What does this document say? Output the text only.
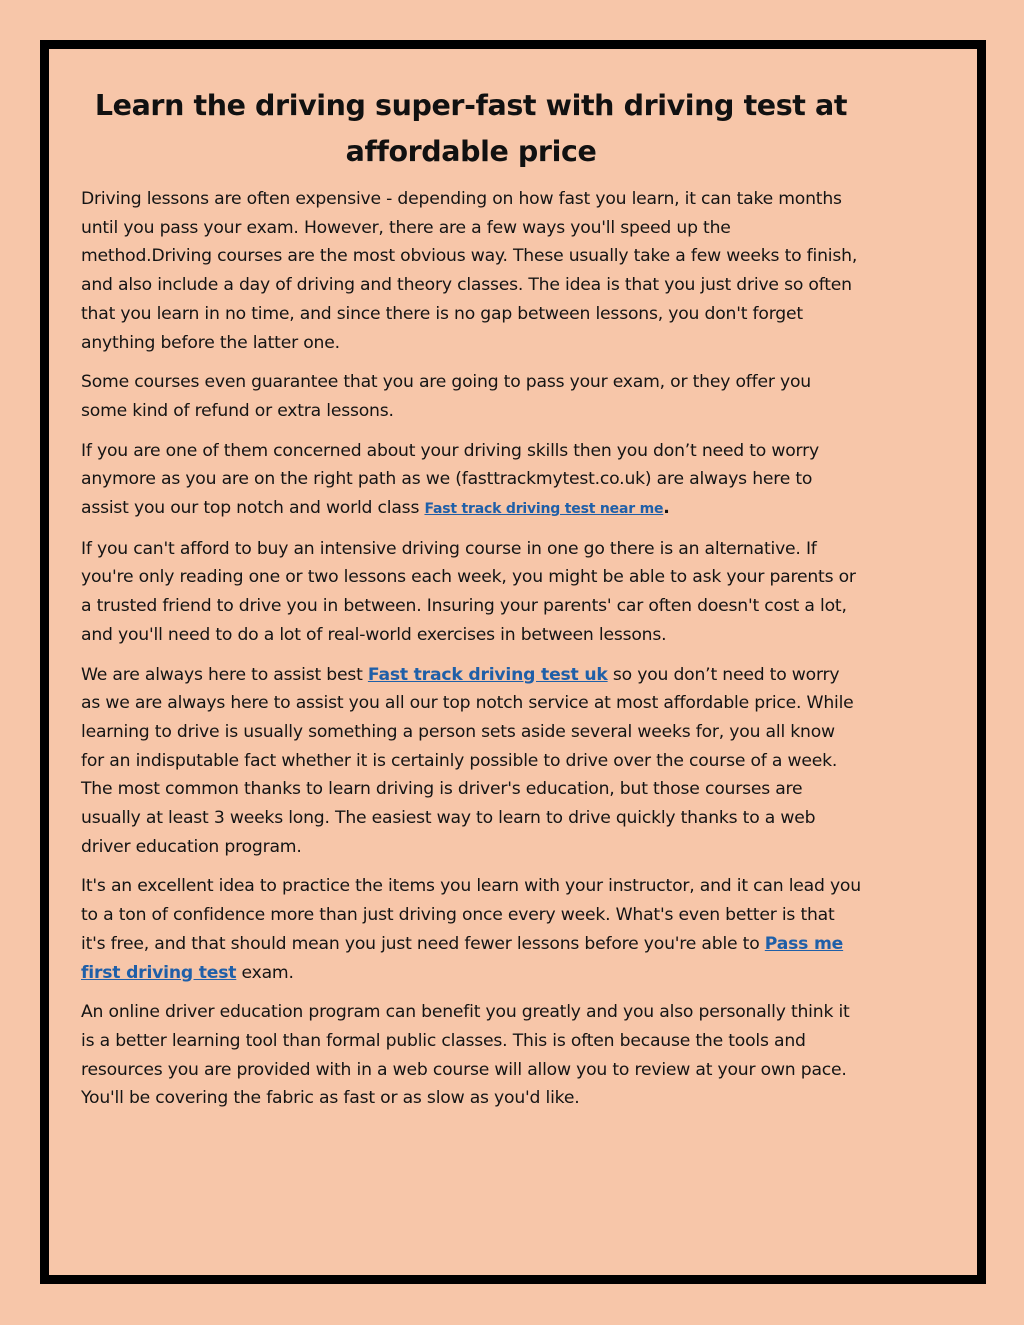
Learn the driving super-fast with driving test at
affordable price

Driving lessons are often expensive - depending on how fast you learn, it can take months until you pass your exam. However, there are a few ways you'll speed up the method.Driving courses are the most obvious way. These usually take a few weeks to finish, and also include a day of driving and theory classes. The idea is that you just drive so often that you learn in no time, and since there is no gap between lessons, you don't forget anything before the latter one.

Some courses even guarantee that you are going to pass your exam, or they offer you some kind of refund or extra lessons.

If you are one of them concerned about your driving skills then you don’t need to worry anymore as you are on the right path as we (fasttrackmytest.co.uk) are always here to assist you our top notch and world class Fast track driving test near me.

If you can't afford to buy an intensive driving course in one go there is an alternative. If you're only reading one or two lessons each week, you might be able to ask your parents or a trusted friend to drive you in between. Insuring your parents' car often doesn't cost a lot, and you'll need to do a lot of real-world exercises in between lessons.

We are always here to assist best Fast track driving test uk so you don’t need to worry as we are always here to assist you all our top notch service at most affordable price. While learning to drive is usually something a person sets aside several weeks for, you all know for an indisputable fact whether it is certainly possible to drive over the course of a week. The most common thanks to learn driving is driver's education, but those courses are usually at least 3 weeks long. The easiest way to learn to drive quickly thanks to a web driver education program.

It's an excellent idea to practice the items you learn with your instructor, and it can lead you to a ton of confidence more than just driving once every week. What's even better is that it's free, and that should mean you just need fewer lessons before you're able to Pass me first driving test exam.

An online driver education program can benefit you greatly and you also personally think it is a better learning tool than formal public classes. This is often because the tools and resources you are provided with in a web course will allow you to review at your own pace. You'll be covering the fabric as fast or as slow as you'd like.
